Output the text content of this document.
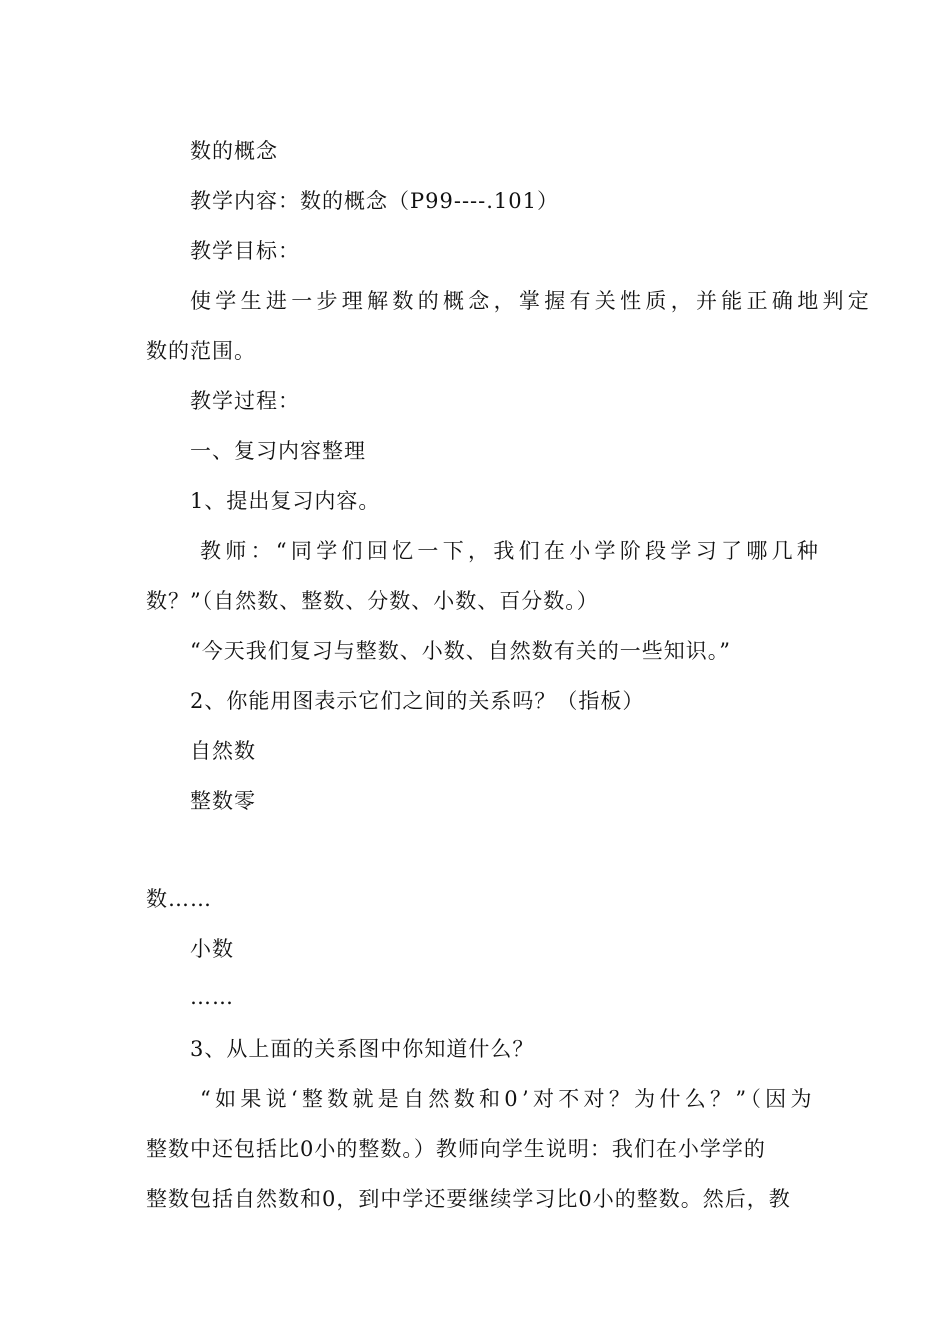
数的概念
教学内容：数的概念（P99----.101）
教学目标：
使学生进一步理解数的概念，掌握有关性质，并能正确地判定
数的范围。
教学过程：
一、复习内容整理
1、提出复习内容。
教师：“同学们回忆一下，我们在小学阶段学习了哪几种
数？”（自然数、整数、分数、小数、百分数。）
“今天我们复习与整数、小数、自然数有关的一些知识。”
2、你能用图表示它们之间的关系吗？（指板）
自然数
整数零
数……
小数
……
3、从上面的关系图中你知道什么？
“如果说‘整数就是自然数和0’对不对？为什么？”（因为
整数中还包括比0小的整数。）教师向学生说明：我们在小学学的
整数包括自然数和0，到中学还要继续学习比0小的整数。然后，教
